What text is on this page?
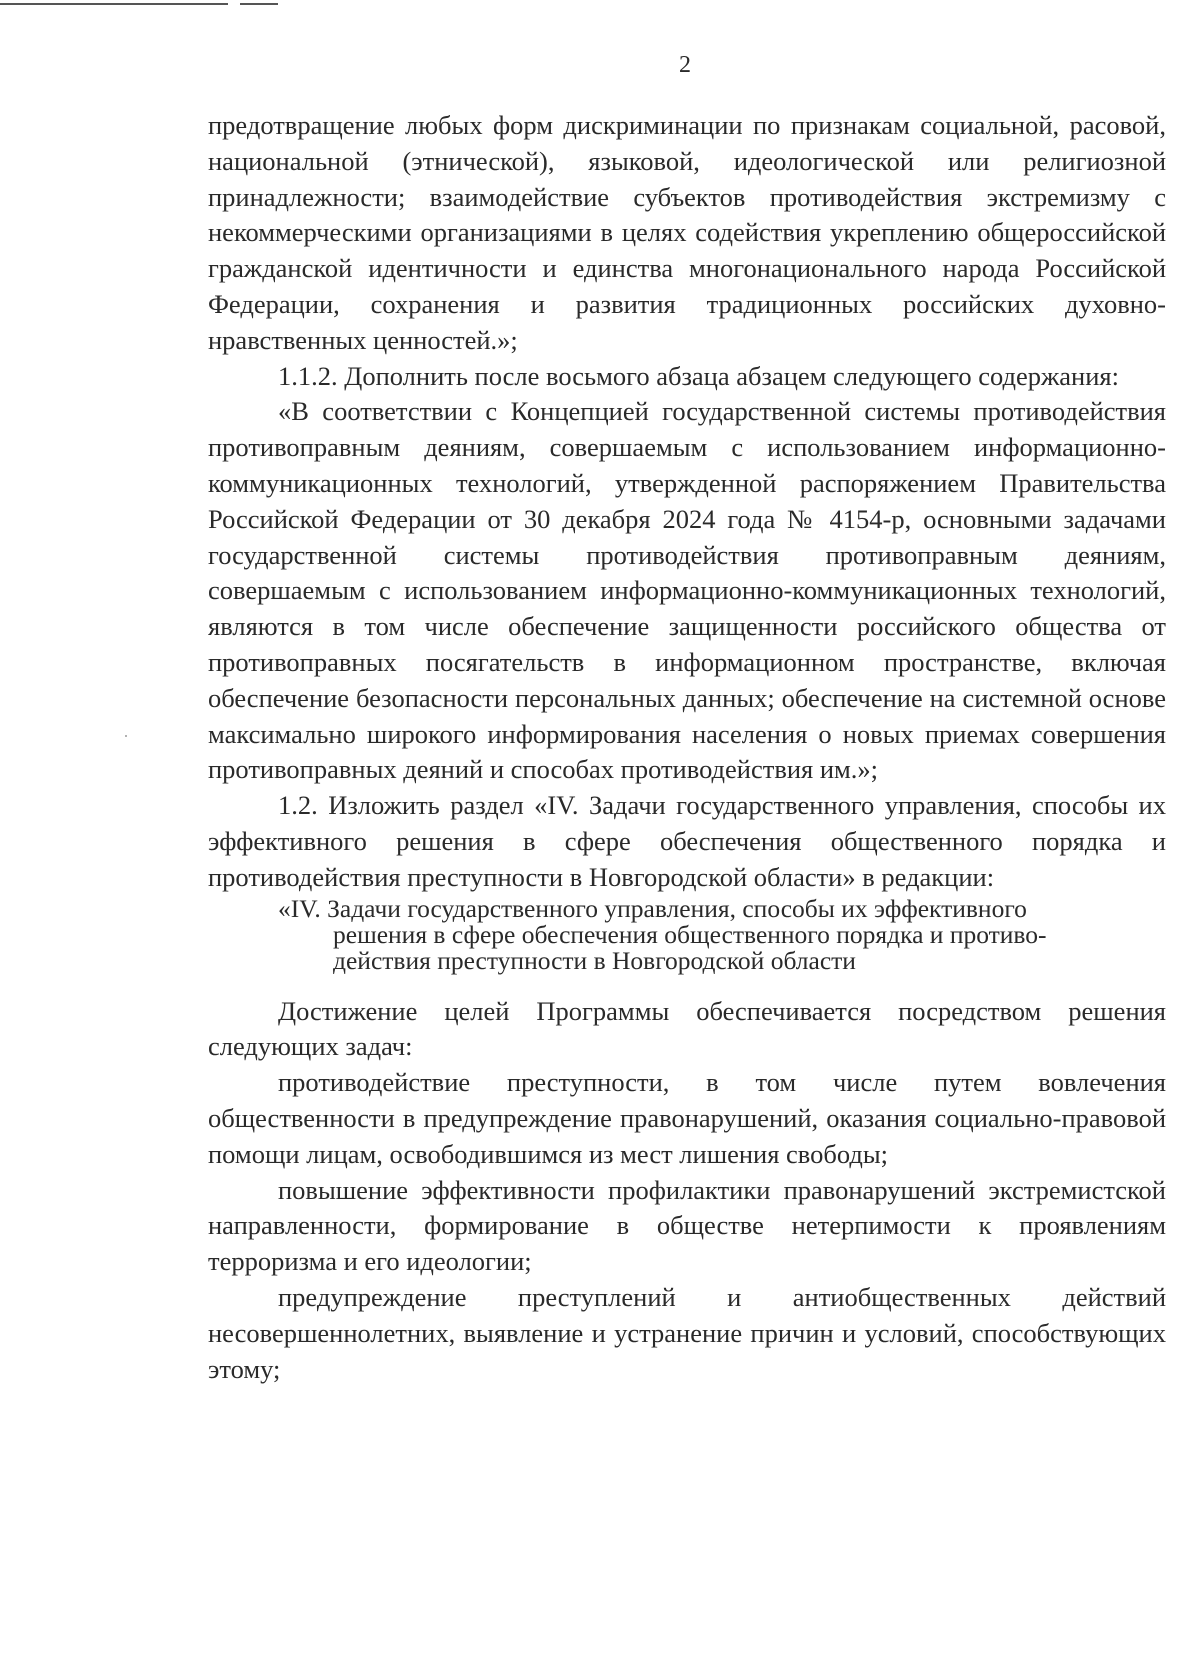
2

предотвращение любых форм дискриминации по признакам социальной, расовой, национальной (этнической), языковой, идеологической или религиозной принадлежности; взаимодействие субъектов противодействия экстремизму с некоммерческими организациями в целях содействия укреплению общероссийской гражданской идентичности и единства многонационального народа Российской Федерации, сохранения и развития традиционных российских духовно-нравственных ценностей.»;

1.1.2. Дополнить после восьмого абзаца абзацем следующего содержания:

«В соответствии с Концепцией государственной системы противодействия противоправным деяниям, совершаемым с использованием информационно-коммуникационных технологий, утвержденной распоряжением Правительства Российской Федерации от 30 декабря 2024 года № 4154-р, основными задачами государственной системы противодействия противоправным деяниям, совершаемым с использованием информационно-коммуникационных технологий, являются в том числе обеспечение защищенности российского общества от противоправных посягательств в информационном пространстве, включая обеспечение безопасности персональных данных; обеспечение на системной основе максимально широкого информирования населения о новых приемах совершения противоправных деяний и способах противодействия им.»;

1.2. Изложить раздел «IV. Задачи государственного управления, способы их эффективного решения в сфере обеспечения общественного порядка и противодействия преступности в Новгородской области» в редакции:

«IV. Задачи государственного управления, способы их эффективного
решения в сфере обеспечения общественного порядка и противо-
действия преступности в Новгородской области

Достижение целей Программы обеспечивается посредством решения следующих задач:

противодействие преступности, в том числе путем вовлечения общественности в предупреждение правонарушений, оказания социально-правовой помощи лицам, освободившимся из мест лишения свободы;

повышение эффективности профилактики правонарушений экстремистской направленности, формирование в обществе нетерпимости к проявлениям терроризма и его идеологии;

предупреждение преступлений и антиобщественных действий несовершеннолетних, выявление и устранение причин и условий, способствующих этому;
